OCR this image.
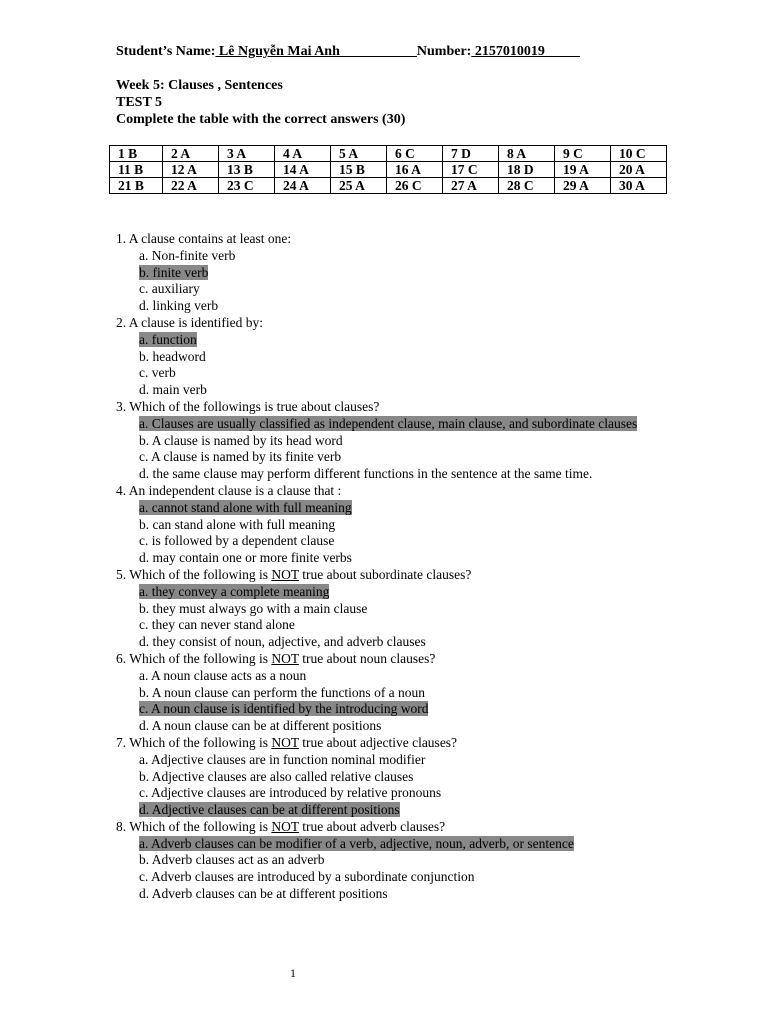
Student’s Name: Lê Nguyễn Mai Anh___________Number: 2157010019_____
Week 5: Clauses , Sentences
TEST 5
Complete the table with the correct answers (30)
1 B	2 A	3 A	4 A	5 A	6 C	7 D	8 A	9 C	10 C
11 B	12 A	13 B	14 A	15 B	16 A	17 C	18 D	19 A	20 A
21 B	22 A	23 C	24 A	25 A	26 C	27 A	28 C	29 A	30 A
1. A clause contains at least one:
a. Non-finite verb
b. finite verb
c. auxiliary
d. linking verb
2. A clause is identified by:
a. function
b. headword
c. verb
d. main verb
3. Which of the followings is true about clauses?
a. Clauses are usually classified as independent clause, main clause, and subordinate clauses
b. A clause is named by its head word
c. A clause is named by its finite verb
d. the same clause may perform different functions in the sentence at the same time.
4. An independent clause is a clause that :
a. cannot stand alone with full meaning
b. can stand alone with full meaning
c. is followed by a dependent clause
d. may contain one or more finite verbs
5. Which of the following is NOT true about subordinate clauses?
a. they convey a complete meaning
b. they must always go with a main clause
c. they can never stand alone
d. they consist of noun, adjective, and adverb clauses
6. Which of the following is NOT true about noun clauses?
a. A noun clause acts as a noun
b. A noun clause can perform the functions of a noun
c. A noun clause is identified by the introducing word
d. A noun clause can be at different positions
7. Which of the following is NOT true about adjective clauses?
a. Adjective clauses are in function nominal modifier
b. Adjective clauses are also called relative clauses
c. Adjective clauses are introduced by relative pronouns
d. Adjective clauses can be at different positions
8. Which of the following is NOT true about adverb clauses?
a. Adverb clauses can be modifier of a verb, adjective, noun, adverb, or sentence
b. Adverb clauses act as an adverb
c. Adverb clauses are introduced by a subordinate conjunction
d. Adverb clauses can be at different positions
1
